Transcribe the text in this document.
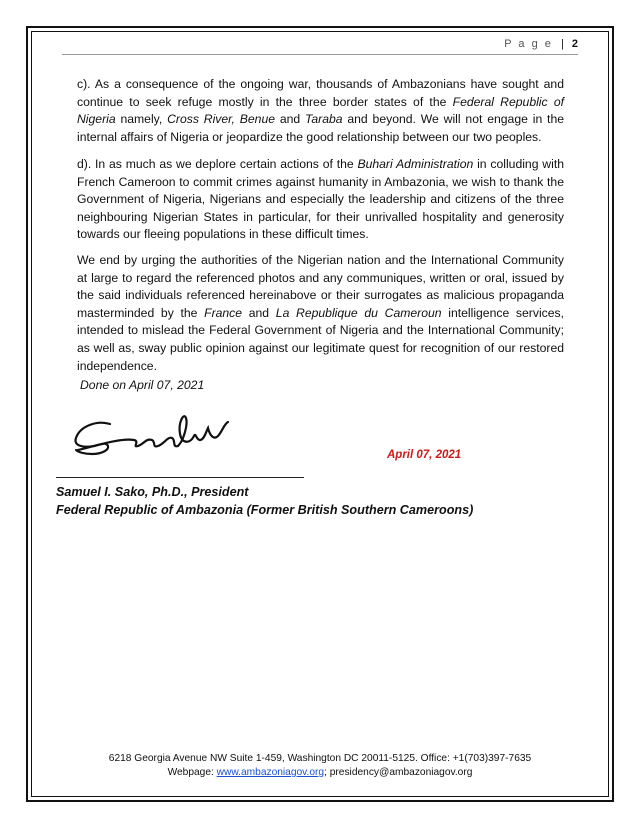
P a g e | 2
c). As a consequence of the ongoing war, thousands of Ambazonians have sought and continue to seek refuge mostly in the three border states of the Federal Republic of Nigeria namely, Cross River, Benue and Taraba and beyond. We will not engage in the internal affairs of Nigeria or jeopardize the good relationship between our two peoples.
d). In as much as we deplore certain actions of the Buhari Administration in colluding with French Cameroon to commit crimes against humanity in Ambazonia, we wish to thank the Government of Nigeria, Nigerians and especially the leadership and citizens of the three neighbouring Nigerian States in particular, for their unrivalled hospitality and generosity towards our fleeing populations in these difficult times.
We end by urging the authorities of the Nigerian nation and the International Community at large to regard the referenced photos and any communiques, written or oral, issued by the said individuals referenced hereinabove or their surrogates as malicious propaganda masterminded by the France and La Republique du Cameroun intelligence services, intended to mislead the Federal Government of Nigeria and the International Community; as well as, sway public opinion against our legitimate quest for recognition of our restored independence.
Done on April 07, 2021
April 07, 2021
Samuel I. Sako, Ph.D., President
Federal Republic of Ambazonia (Former British Southern Cameroons)
6218 Georgia Avenue NW Suite 1-459, Washington DC 20011-5125. Office: +1(703)397-7635
Webpage: www.ambazoniagov.org; presidency@ambazoniagov.org
